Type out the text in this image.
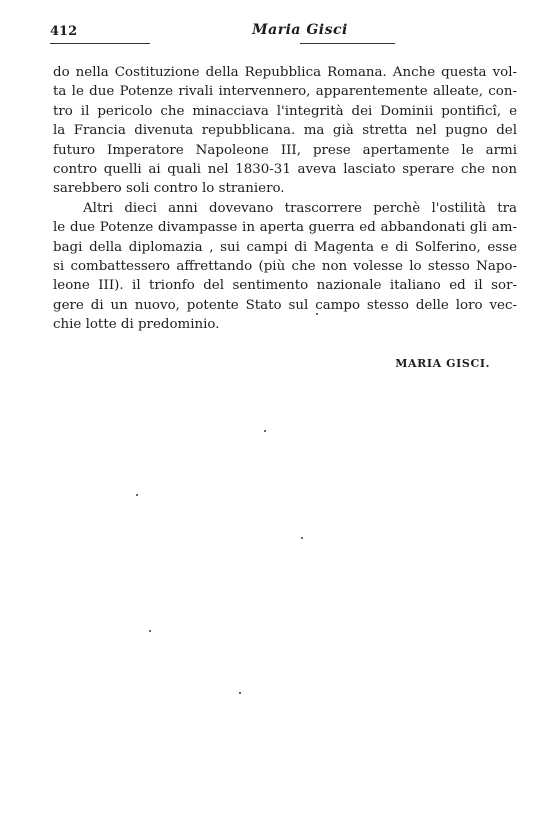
412	Maria Gisci
do nella Costituzione della Repubblica Romana. Anche questa vol-
ta le due Potenze rivali intervennero, apparentemente alleate, con-
tro il pericolo che minacciava l'integrità dei Dominii pontificî, e
la Francia divenuta repubblicana. ma già stretta nel pugno del
futuro Imperatore Napoleone III, prese apertamente le armi
contro quelli ai quali nel 1830-31 aveva lasciato sperare che non
sarebbero soli contro lo straniero.
Altri dieci anni dovevano trascorrere perchè l'ostilità tra
le due Potenze divampasse in aperta guerra ed abbandonati gli am-
bagi della diplomazia , sui campi di Magenta e di Solferino, esse
si combattessero affrettando (più che non volesse lo stesso Napo-
leone III). il trionfo del sentimento nazionale italiano ed il sor-
gere di un nuovo, potente Stato sul campo stesso delle loro vec-
chie lotte di predominio.
MARIA GISCI.
